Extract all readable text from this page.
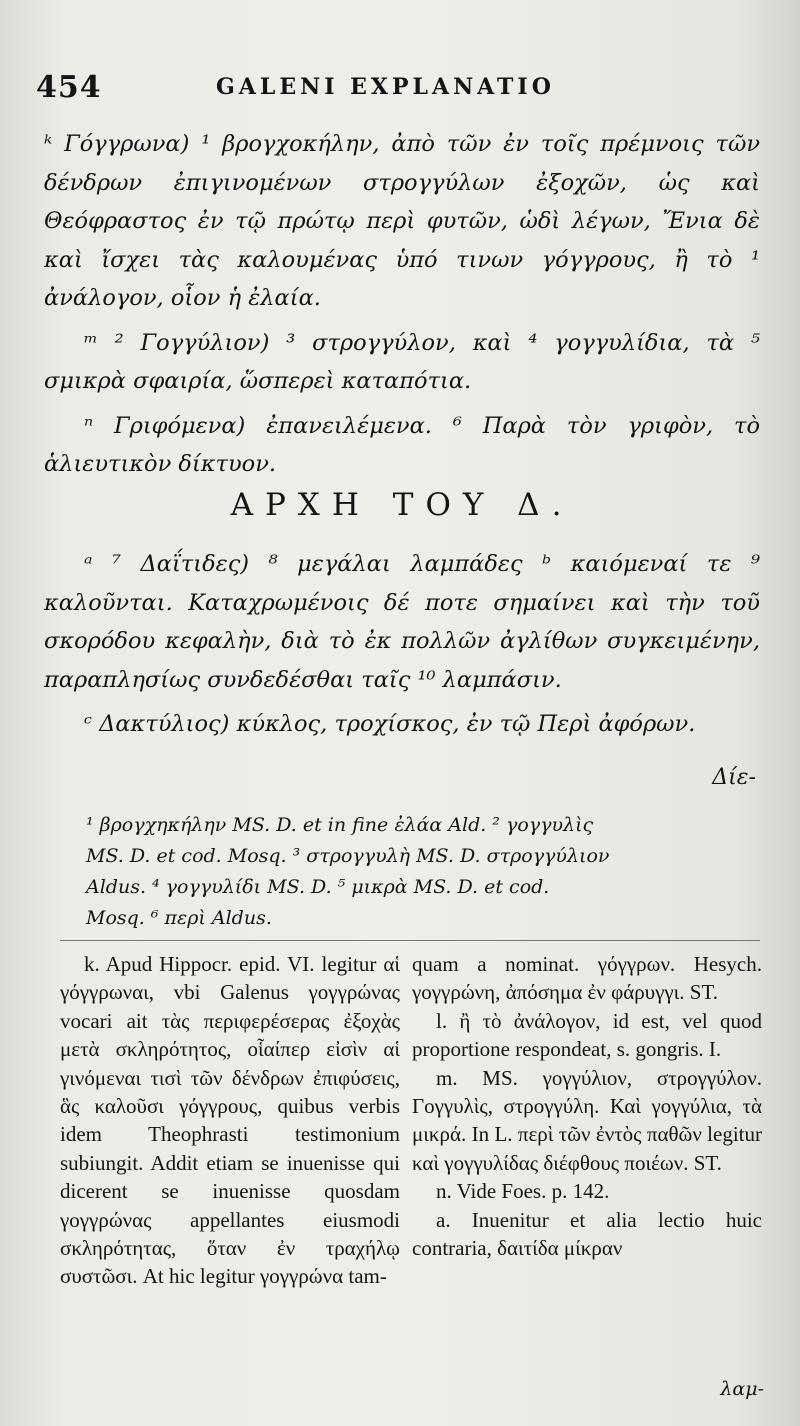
454	GALENI EXPLANATIO

ᵏ Γόγγρωνα) ¹ βρογχοκήλην, ἀπὸ τῶν ἐν τοῖς πρέμνοις τῶν δένδρων ἐπιγινομένων στρογγύλων ἐξοχῶν, ὡς καὶ Θεόφραστος ἐν τῷ πρώτῳ περὶ φυτῶν, ὡδὶ λέγων, Ἔνια δὲ καὶ ἴσχει τὰς καλουμένας ὑπό τινων γόγγρους, ἢ τὸ ¹ ἀνάλογον, οἷον ἡ ἐλαία.

ᵐ ² Γογγύλιον) ³ στρογγύλον, καὶ ⁴ γογγυλίδια, τὰ ⁵ σμικρὰ σφαιρία, ὥσπερεὶ καταπότια.

ⁿ Γριφόμενα) ἐπανειλέμενα. ⁶ Παρὰ τὸν γριφὸν, τὸ ἁλιευτικὸν δίκτυον.

ΑΡΧΗ ΤΟΥ Δ.

ᵃ ⁷ Δαΐτιδες) ⁸ μεγάλαι λαμπάδες ᵇ καιόμεναί τε ⁹ καλοῦνται. Καταχρωμένοις δέ ποτε σημαίνει καὶ τὴν τοῦ σκορόδου κεφαλὴν, διὰ τὸ ἐκ πολλῶν ἀγλίθων συγκειμένην, παραπλησίως συνδεδέσθαι ταῖς ¹⁰ λαμπάσιν.

ᶜ Δακτύλιος) κύκλος, τροχίσκος, ἐν τῷ Περὶ ἀφόρων.

Δίε-

¹ βρογχηκήλην MS. D. et in fine ἐλάα Ald. ² γογγυλὶς

MS. D. et cod. Mosq. ³ στρογγυλὴ MS. D. στρογγύλιον

Aldus. ⁴ γογγυλίδι MS. D. ⁵ μικρὰ MS. D. et cod.

Mosq. ⁶ περὶ Aldus.

k. Apud Hippocr. epid. VI. legitur αἱ γόγγρωναι, vbi Galenus γογγρώνας vocari ait τὰς περιφερέσερας ἐξοχὰς μετὰ σκληρότητος, οἷαίπερ εἰσὶν αἱ γινόμεναι τισὶ τῶν δένδρων ἐπιφύσεις, ἃς καλοῦσι γόγγρους, quibus verbis idem Theophrasti testimonium subiungit. Addit etiam se inuenisse qui dicerent se inuenisse quosdam γογγρώνας appellantes eiusmodi σκληρότητας, ὅταν ἐν τραχήλῳ συστῶσι. At hic legitur γογγρώνα tam-

quam a nominat. γόγγρων. Hesych. γογγρώνη, ἀπόσημα ἐν φάρυγγι. ST.

l. ἢ τὸ ἀνάλογον, id est, vel quod proportione respondeat, s. gongris. I.

m. MS. γογγύλιον, στρογγύλον. Γογγυλὶς, στρογγύλη. Καὶ γογγύλια, τὰ μικρά. In L. περὶ τῶν ἐντὸς παθῶν legitur καὶ γογγυλίδας διέφθους ποιέων. ST.

n. Vide Foes. p. 142.

a. Inuenitur et alia lectio huic contraria, δαιτίδα μίκραν

λαμ-
